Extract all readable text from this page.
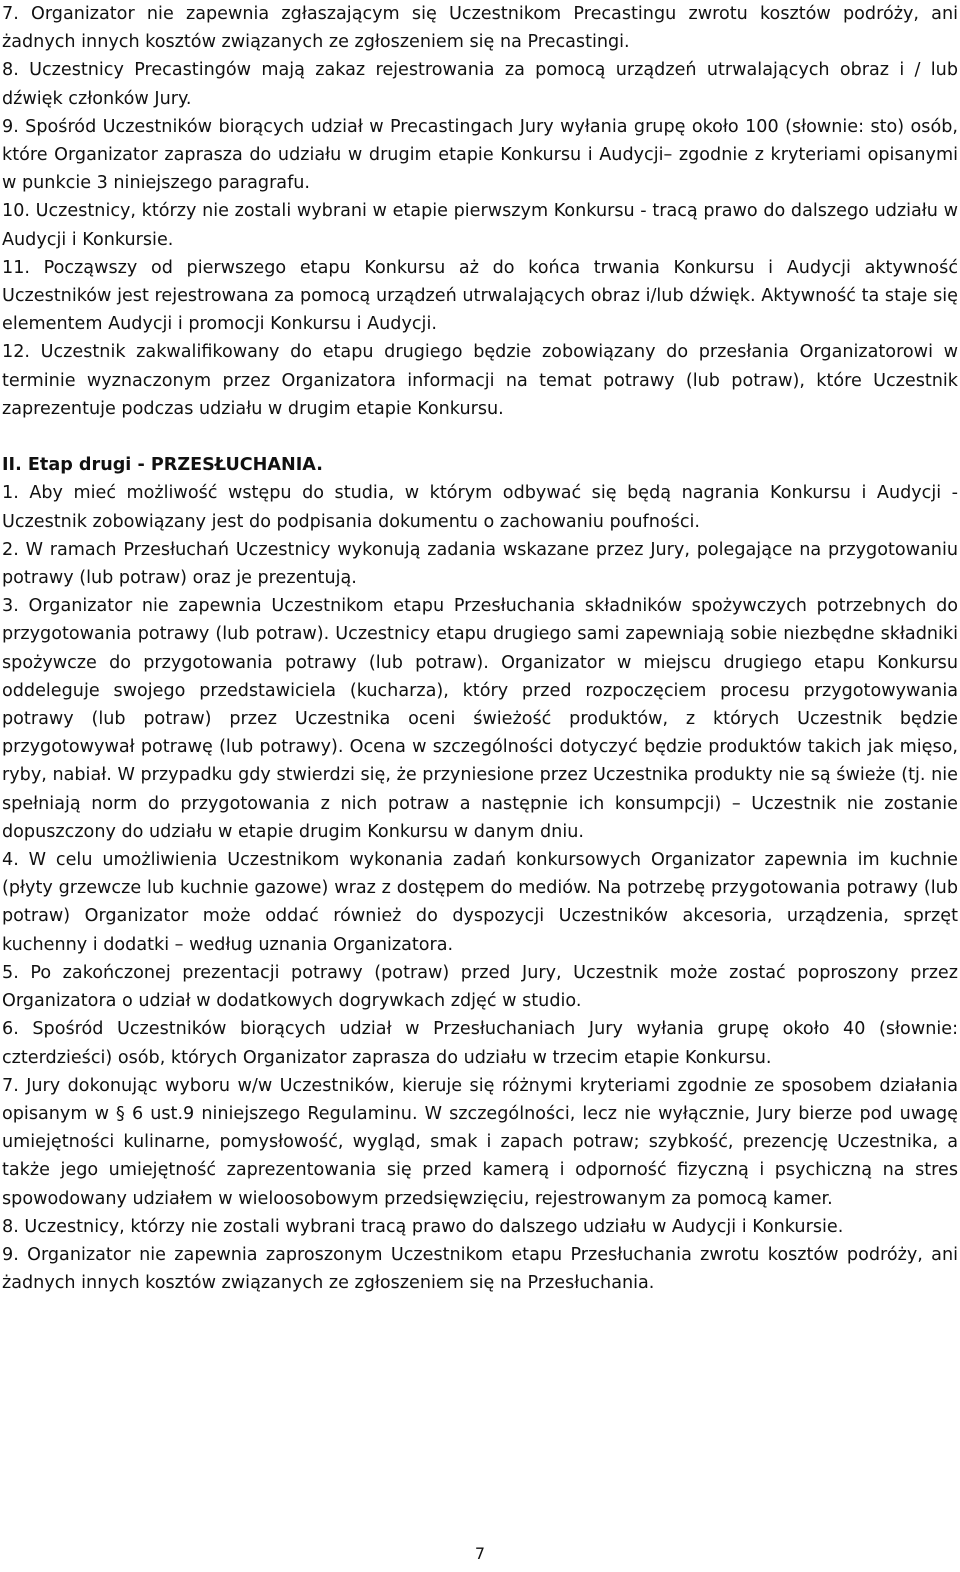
7. Organizator nie zapewnia zgłaszającym się Uczestnikom Precastingu zwrotu kosztów podróży, ani żadnych innych kosztów związanych ze zgłoszeniem się na Precastingi.

8. Uczestnicy Precastingów mają zakaz rejestrowania za pomocą urządzeń utrwalających obraz i / lub dźwięk członków Jury.

9. Spośród Uczestników biorących udział w Precastingach Jury wyłania grupę około 100 (słownie: sto) osób, które Organizator zaprasza do udziału w drugim etapie Konkursu i Audycji– zgodnie z kryteriami opisanymi w punkcie 3 niniejszego paragrafu.

10. Uczestnicy, którzy nie zostali wybrani w etapie pierwszym Konkursu - tracą prawo do dalszego udziału w Audycji i Konkursie.

11. Począwszy od pierwszego etapu Konkursu aż do końca trwania Konkursu i Audycji aktywność Uczestników jest rejestrowana za pomocą urządzeń utrwalających obraz i/lub dźwięk. Aktywność ta staje się elementem Audycji i promocji Konkursu i Audycji.

12. Uczestnik zakwalifikowany do etapu drugiego będzie zobowiązany do przesłania Organizatorowi w terminie wyznaczonym przez Organizatora informacji na temat potrawy (lub potraw), które Uczestnik zaprezentuje podczas udziału w drugim etapie Konkursu.

II. Etap drugi - PRZESŁUCHANIA.

1. Aby mieć możliwość wstępu do studia, w którym odbywać się będą nagrania Konkursu i Audycji - Uczestnik zobowiązany jest do podpisania dokumentu o zachowaniu poufności.

2. W ramach Przesłuchań Uczestnicy wykonują zadania wskazane przez Jury, polegające na przygotowaniu potrawy (lub potraw) oraz je prezentują.

3. Organizator nie zapewnia Uczestnikom etapu Przesłuchania składników spożywczych potrzebnych do przygotowania potrawy (lub potraw). Uczestnicy etapu drugiego sami zapewniają sobie niezbędne składniki spożywcze do przygotowania potrawy (lub potraw). Organizator w miejscu drugiego etapu Konkursu oddeleguje swojego przedstawiciela (kucharza), który przed rozpoczęciem procesu przygotowywania potrawy (lub potraw) przez Uczestnika oceni świeżość produktów, z których Uczestnik będzie przygotowywał potrawę (lub potrawy). Ocena w szczególności dotyczyć będzie produktów takich jak mięso, ryby, nabiał. W przypadku gdy stwierdzi się, że przyniesione przez Uczestnika produkty nie są świeże (tj. nie spełniają norm do przygotowania z nich potraw a następnie ich konsumpcji) – Uczestnik nie zostanie dopuszczony do udziału w etapie drugim Konkursu w danym dniu.

4. W celu umożliwienia Uczestnikom wykonania zadań konkursowych Organizator zapewnia im kuchnie (płyty grzewcze lub kuchnie gazowe) wraz z dostępem do mediów. Na potrzebę przygotowania potrawy (lub potraw) Organizator może oddać również do dyspozycji Uczestników akcesoria, urządzenia, sprzęt kuchenny i dodatki – według uznania Organizatora.

5. Po zakończonej prezentacji potrawy (potraw) przed Jury, Uczestnik może zostać poproszony przez Organizatora o udział w dodatkowych dogrywkach zdjęć w studio.

6. Spośród Uczestników biorących udział w Przesłuchaniach Jury wyłania grupę około 40 (słownie: czterdzieści) osób, których Organizator zaprasza do udziału w trzecim etapie Konkursu.

7. Jury dokonując wyboru w/w Uczestników, kieruje się różnymi kryteriami zgodnie ze sposobem działania opisanym w § 6 ust.9 niniejszego Regulaminu. W szczególności, lecz nie wyłącznie, Jury bierze pod uwagę umiejętności kulinarne, pomysłowość, wygląd, smak i zapach potraw; szybkość, prezencję Uczestnika, a także jego umiejętność zaprezentowania się przed kamerą i odporność fizyczną i psychiczną na stres spowodowany udziałem w wieloosobowym przedsięwzięciu, rejestrowanym za pomocą kamer.

8. Uczestnicy, którzy nie zostali wybrani tracą prawo do dalszego udziału w Audycji i Konkursie.

9. Organizator nie zapewnia zaproszonym Uczestnikom etapu Przesłuchania zwrotu kosztów podróży, ani żadnych innych kosztów związanych ze zgłoszeniem się na Przesłuchania.

7
